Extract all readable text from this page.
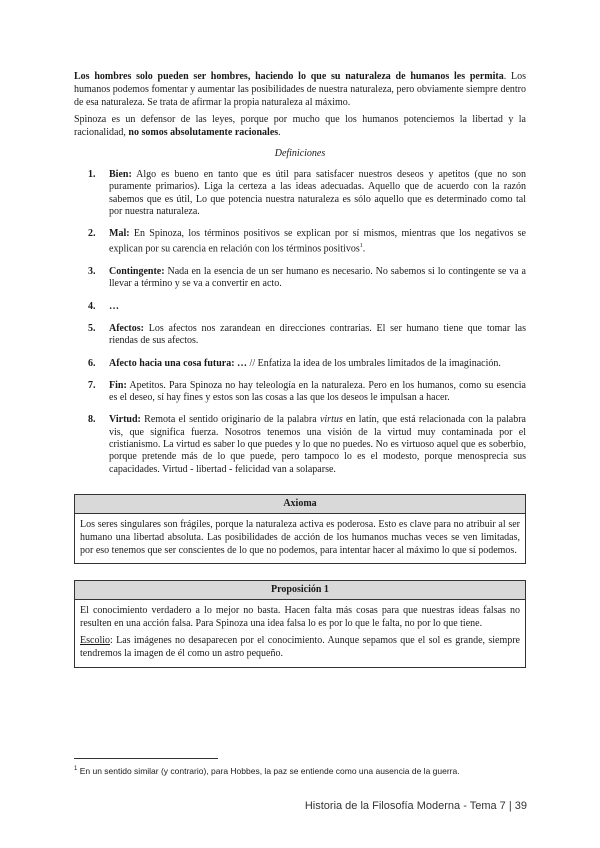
Los hombres solo pueden ser hombres, haciendo lo que su naturaleza de humanos les permita. Los humanos podemos fomentar y aumentar las posibilidades de nuestra naturaleza, pero obviamente siempre dentro de esa naturaleza. Se trata de afirmar la propia naturaleza al máximo.

Spinoza es un defensor de las leyes, porque por mucho que los humanos potenciemos la libertad y la racionalidad, no somos absolutamente racionales.

Definiciones
1. Bien: Algo es bueno en tanto que es útil para satisfacer nuestros deseos y apetitos (que no son puramente primarios). Liga la certeza a las ideas adecuadas. Aquello que de acuerdo con la razón sabemos que es útil, Lo que potencia nuestra naturaleza es sólo aquello que es determinado como tal por nuestra naturaleza.
2. Mal: En Spinoza, los términos positivos se explican por sí mismos, mientras que los negativos se explican por su carencia en relación con los términos positivos$^1$.
3. Contingente: Nada en la esencia de un ser humano es necesario. No sabemos si lo contingente se va a llevar a término y se va a convertir en acto.
4. …
5. Afectos: Los afectos nos zarandean en direcciones contrarias. El ser humano tiene que tomar las riendas de sus afectos.
6. Afecto hacia una cosa futura: … // Enfatiza la idea de los umbrales limitados de la imaginación.
7. Fin: Apetitos. Para Spinoza no hay teleología en la naturaleza. Pero en los humanos, como su esencia es el deseo, sí hay fines y estos son las cosas a las que los deseos le impulsan a hacer.
8. Virtud: Remota el sentido originario de la palabra virtus en latín, que está relacionada con la palabra vis, que significa fuerza. Nosotros tenemos una visión de la virtud muy contaminada por el cristianismo. La virtud es saber lo que puedes y lo que no puedes. No es virtuoso aquel que es soberbio, porque pretende más de lo que puede, pero tampoco lo es el modesto, porque menosprecia sus capacidades. Virtud - libertad - felicidad van a solaparse.
Axioma

Los seres singulares son frágiles, porque la naturaleza activa es poderosa. Esto es clave para no atribuir al ser humano una libertad absoluta. Las posibilidades de acción de los humanos muchas veces se ven limitadas, por eso tenemos que ser conscientes de lo que no podemos, para intentar hacer al máximo lo que sí podemos.

Proposición 1

El conocimiento verdadero a lo mejor no basta. Hacen falta más cosas para que nuestras ideas falsas no resulten en una acción falsa. Para Spinoza una idea falsa lo es por lo que le falta, no por lo que tiene.

Escolio: Las imágenes no desaparecen por el conocimiento. Aunque sepamos que el sol es grande, siempre tendremos la imagen de él como un astro pequeño.

$^1$ En un sentido similar (y contrario), para Hobbes, la paz se entiende como una ausencia de la guerra.
Historia de la Filosofía Moderna - Tema 7 | 39
